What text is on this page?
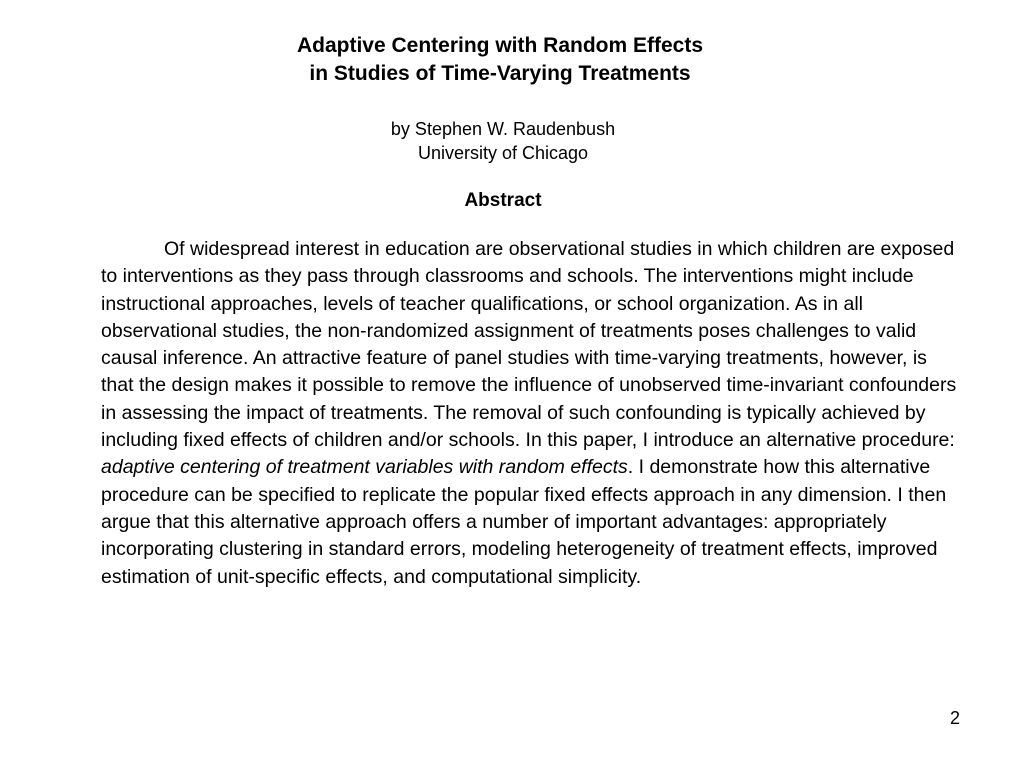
Adaptive Centering with Random Effects

in Studies of Time-Varying Treatments

by Stephen W. Raudenbush
University of Chicago
Abstract

Of widespread interest in education are observational studies in which children are exposed to interventions as they pass through classrooms and schools. The interventions might include instructional approaches, levels of teacher qualifications, or school organization. As in all observational studies, the non-randomized assignment of treatments poses challenges to valid causal inference. An attractive feature of panel studies with time-varying treatments, however, is that the design makes it possible to remove the influence of unobserved time-invariant confounders in assessing the impact of treatments. The removal of such confounding is typically achieved by including fixed effects of children and/or schools. In this paper, I introduce an alternative procedure: adaptive centering of treatment variables with random effects. I demonstrate how this alternative procedure can be specified to replicate the popular fixed effects approach in any dimension. I then argue that this alternative approach offers a number of important advantages: appropriately incorporating clustering in standard errors, modeling heterogeneity of treatment effects, improved estimation of unit-specific effects, and computational simplicity.

2
